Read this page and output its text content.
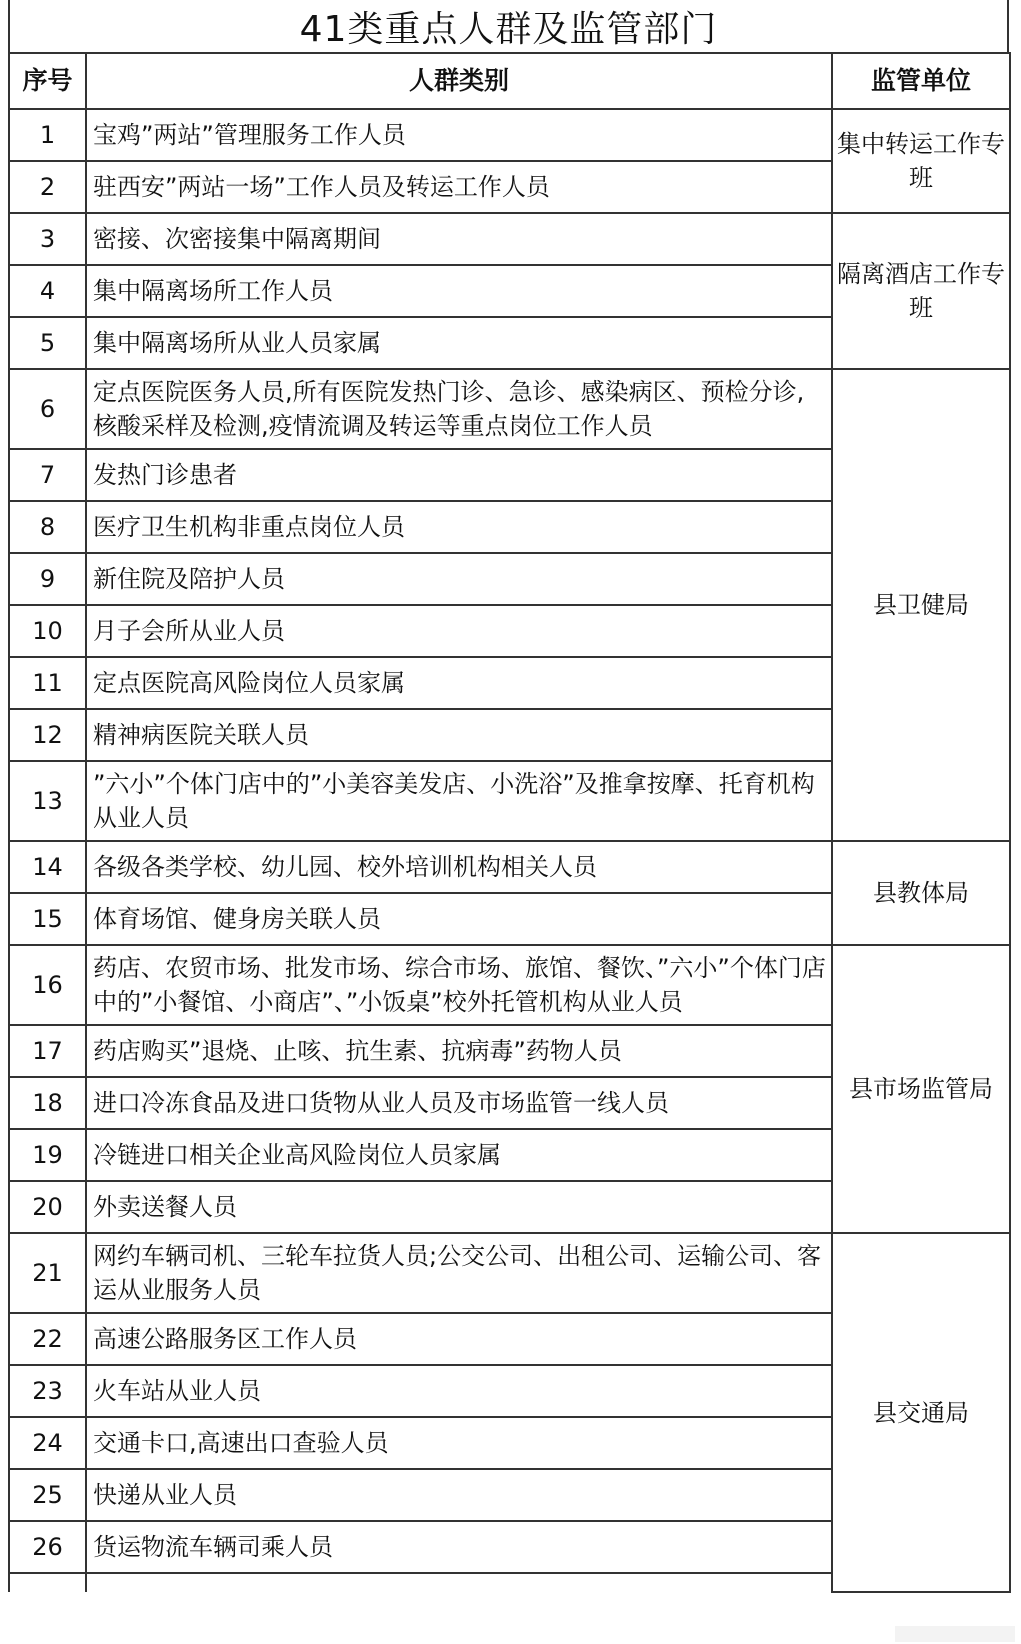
41类重点人群及监管部门
序号	人群类别	监管单位
1	宝鸡”两站”管理服务工作人员	集中转运工作专班
2	驻西安”两站一场”工作人员及转运工作人员	
3	密接、次密接集中隔离期间	隔离酒店工作专班
4	集中隔离场所工作人员	
5	集中隔离场所从业人员家属	
6	定点医院医务人员,所有医院发热门诊、急诊、感染病区、预检分诊,核酸采样及检测,疫情流调及转运等重点岗位工作人员	县卫健局
7	发热门诊患者	
8	医疗卫生机构非重点岗位人员	
9	新住院及陪护人员	
10	月子会所从业人员	
11	定点医院高风险岗位人员家属	
12	精神病医院关联人员	
13	”六小”个体门店中的”小美容美发店、小洗浴”及推拿按摩、托育机构从业人员	
14	各级各类学校、幼儿园、校外培训机构相关人员	县教体局
15	体育场馆、健身房关联人员	
16	药店、农贸市场、批发市场、综合市场、旅馆、餐饮、”六小”个体门店中的”小餐馆、小商店”、”小饭桌”校外托管机构从业人员	县市场监管局
17	药店购买”退烧、止咳、抗生素、抗病毒”药物人员	
18	进口冷冻食品及进口货物从业人员及市场监管一线人员	
19	冷链进口相关企业高风险岗位人员家属	
20	外卖送餐人员	
21	网约车辆司机、三轮车拉货人员;公交公司、出租公司、运输公司、客 运从业服务人员	县交通局
22	高速公路服务区工作人员	
23	火车站从业人员	
24	交通卡口,高速出口查验人员	
25	快递从业人员	
26	货运物流车辆司乘人员	
